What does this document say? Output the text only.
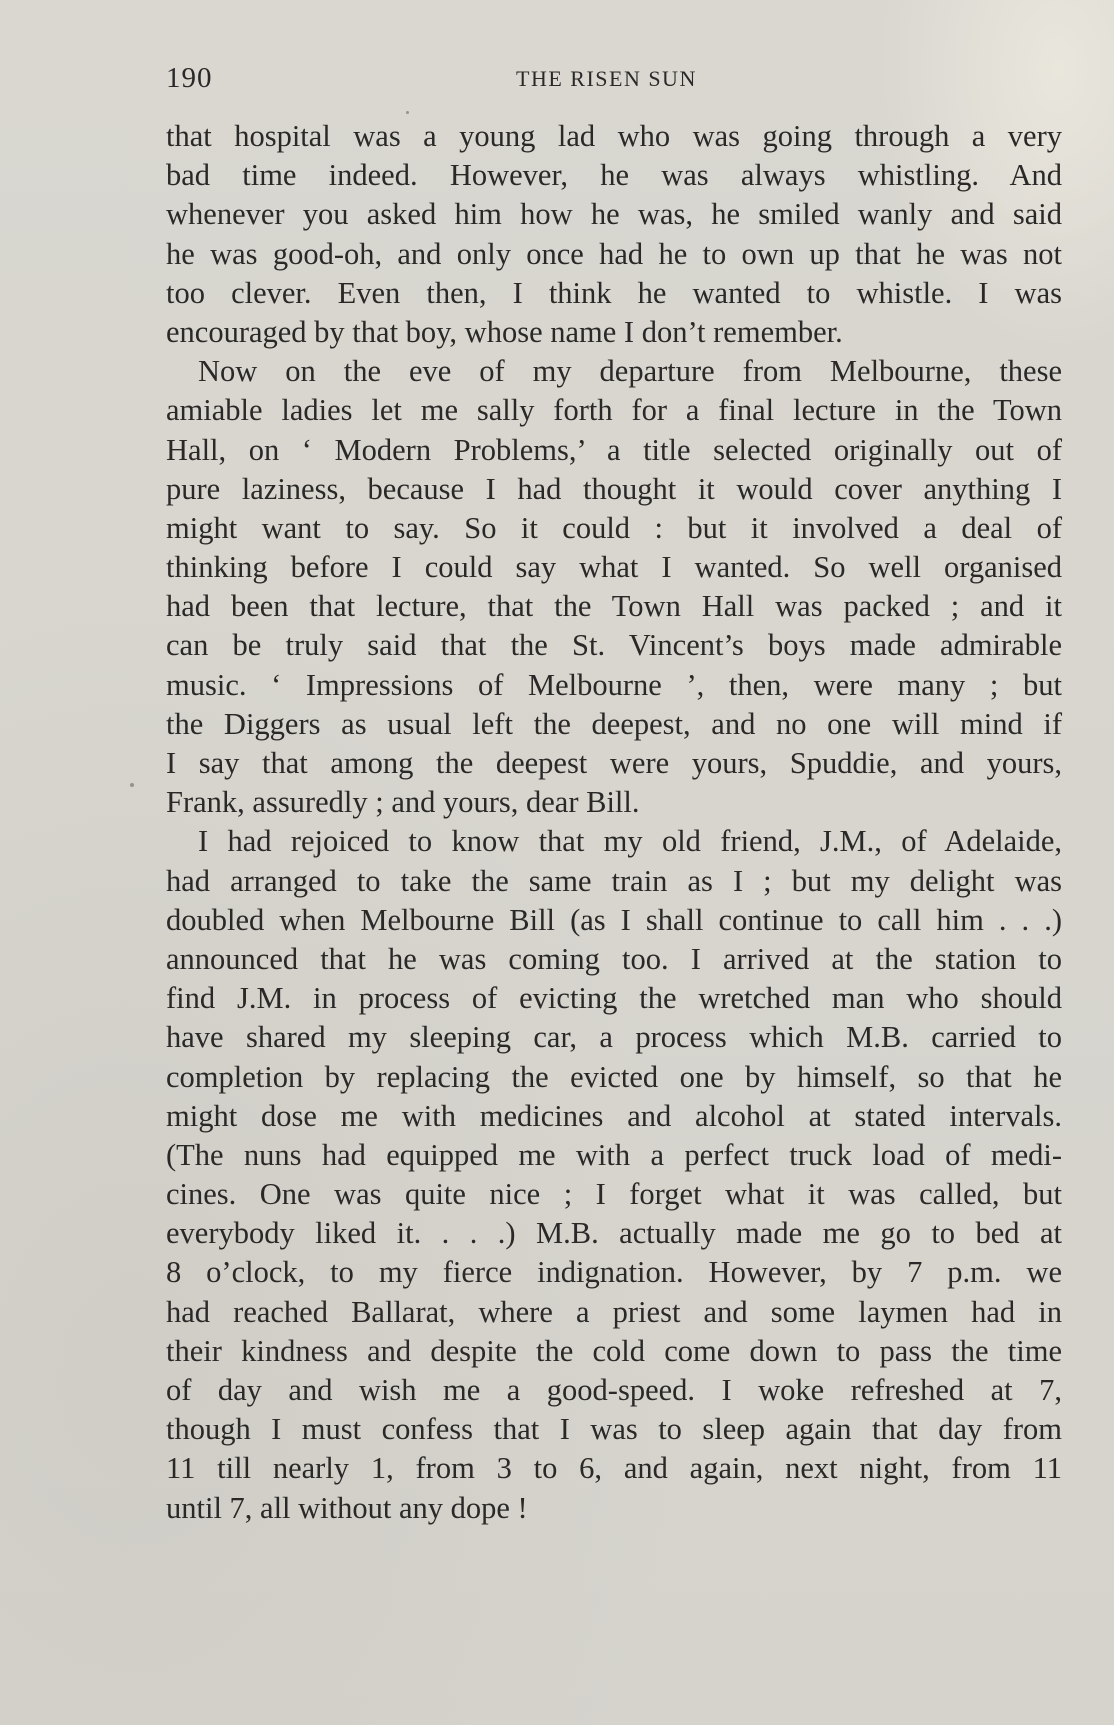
190	THE RISEN SUN
that hospital was a young lad who was going through a very
bad time indeed. However, he was always whistling. And
whenever you asked him how he was, he smiled wanly and said
he was good-oh, and only once had he to own up that he was not
too clever. Even then, I think he wanted to whistle. I was
encouraged by that boy, whose name I don’t remember.
Now on the eve of my departure from Melbourne, these
amiable ladies let me sally forth for a final lecture in the Town
Hall, on ‘ Modern Problems,’ a title selected originally out of
pure laziness, because I had thought it would cover anything I
might want to say. So it could : but it involved a deal of
thinking before I could say what I wanted. So well organised
had been that lecture, that the Town Hall was packed ; and it
can be truly said that the St. Vincent’s boys made admirable
music. ‘ Impressions of Melbourne ’, then, were many ; but
the Diggers as usual left the deepest, and no one will mind if
I say that among the deepest were yours, Spuddie, and yours,
Frank, assuredly ; and yours, dear Bill.
I had rejoiced to know that my old friend, J.M., of Adelaide,
had arranged to take the same train as I ; but my delight was
doubled when Melbourne Bill (as I shall continue to call him . . .)
announced that he was coming too. I arrived at the station to
find J.M. in process of evicting the wretched man who should
have shared my sleeping car, a process which M.B. carried to
completion by replacing the evicted one by himself, so that he
might dose me with medicines and alcohol at stated intervals.
(The nuns had equipped me with a perfect truck load of medi-
cines. One was quite nice ; I forget what it was called, but
everybody liked it. . . .) M.B. actually made me go to bed at
8 o’clock, to my fierce indignation. However, by 7 p.m. we
had reached Ballarat, where a priest and some laymen had in
their kindness and despite the cold come down to pass the time
of day and wish me a good-speed. I woke refreshed at 7,
though I must confess that I was to sleep again that day from
11 till nearly 1, from 3 to 6, and again, next night, from 11
until 7, all without any dope !
